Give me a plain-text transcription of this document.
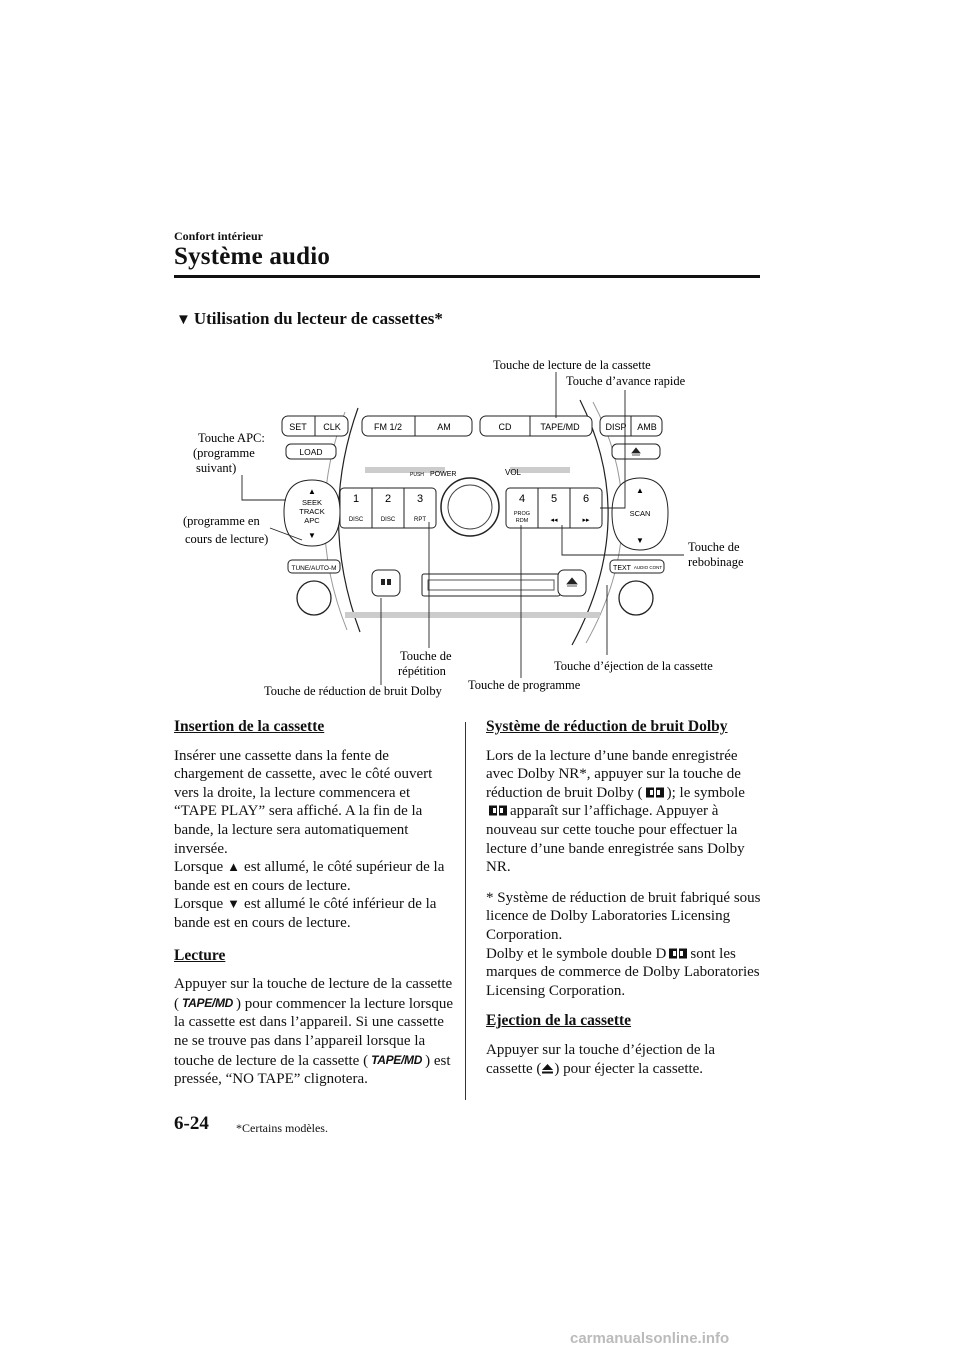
Confort intérieur
Système audio
▼ Utilisation du lecteur de cassettes*
SET CLK	FM 1/2	AM	CD	TAPE/MD	DISP AMB
LOAD
PUSH POWER	VOL
▲
SEEK
TRACK
APC
▼
1 2 3
DISC	DISC	RPT
4 5 6
PROG
RDM	◂◂	▸▸
▲
SCAN
▼
TUNE/AUTO-M	TEXT AUDIO CONT
Touche de lecture de la cassette
Touche d’avance rapide
Touche APC:
(programme
suivant)
(programme en
cours de lecture)
Touche de
rebobinage
Touche de
répétition	Touche d’éjection de la cassette
Touche de réduction de bruit Dolby Touche de programme
Insertion de la cassette

Insérer une cassette dans la fente de chargement de cassette, avec le côté ouvert vers la droite, la lecture commencera et “TAPE PLAY” sera affiché. A la fin de la bande, la lecture sera automatiquement inversée.

Lorsque ▲ est allumé, le côté supérieur de la bande est en cours de lecture.

Lorsque ▼ est allumé le côté inférieur de la bande est en cours de lecture.

Lecture

Appuyer sur la touche de lecture de la cassette ( TAPE/MD ) pour commencer la lecture lorsque la cassette est dans l’appareil. Si une cassette ne se trouve pas dans l’appareil lorsque la touche de lecture de la cassette ( TAPE/MD ) est pressée, “NO TAPE” clignotera.

Système de réduction de bruit Dolby

Lors de la lecture d’une bande enregistrée avec Dolby NR*, appuyer sur la touche de réduction de bruit Dolby ( ); le symboleapparaît sur l’affichage. Appuyer à nouveau sur cette touche pour effectuer la lecture d’une bande enregistrée sans Dolby NR.

* Système de réduction de bruit fabriqué sous licence de Dolby Laboratories Licensing Corporation.

Dolby et le symbole double D sont les marques de commerce de Dolby Laboratories Licensing Corporation.

Ejection de la cassette

Appuyer sur la touche d’éjection de la cassette ( ) pour éjecter la cassette.

6-24 *Certains modèles.
carmanualsonline.info
